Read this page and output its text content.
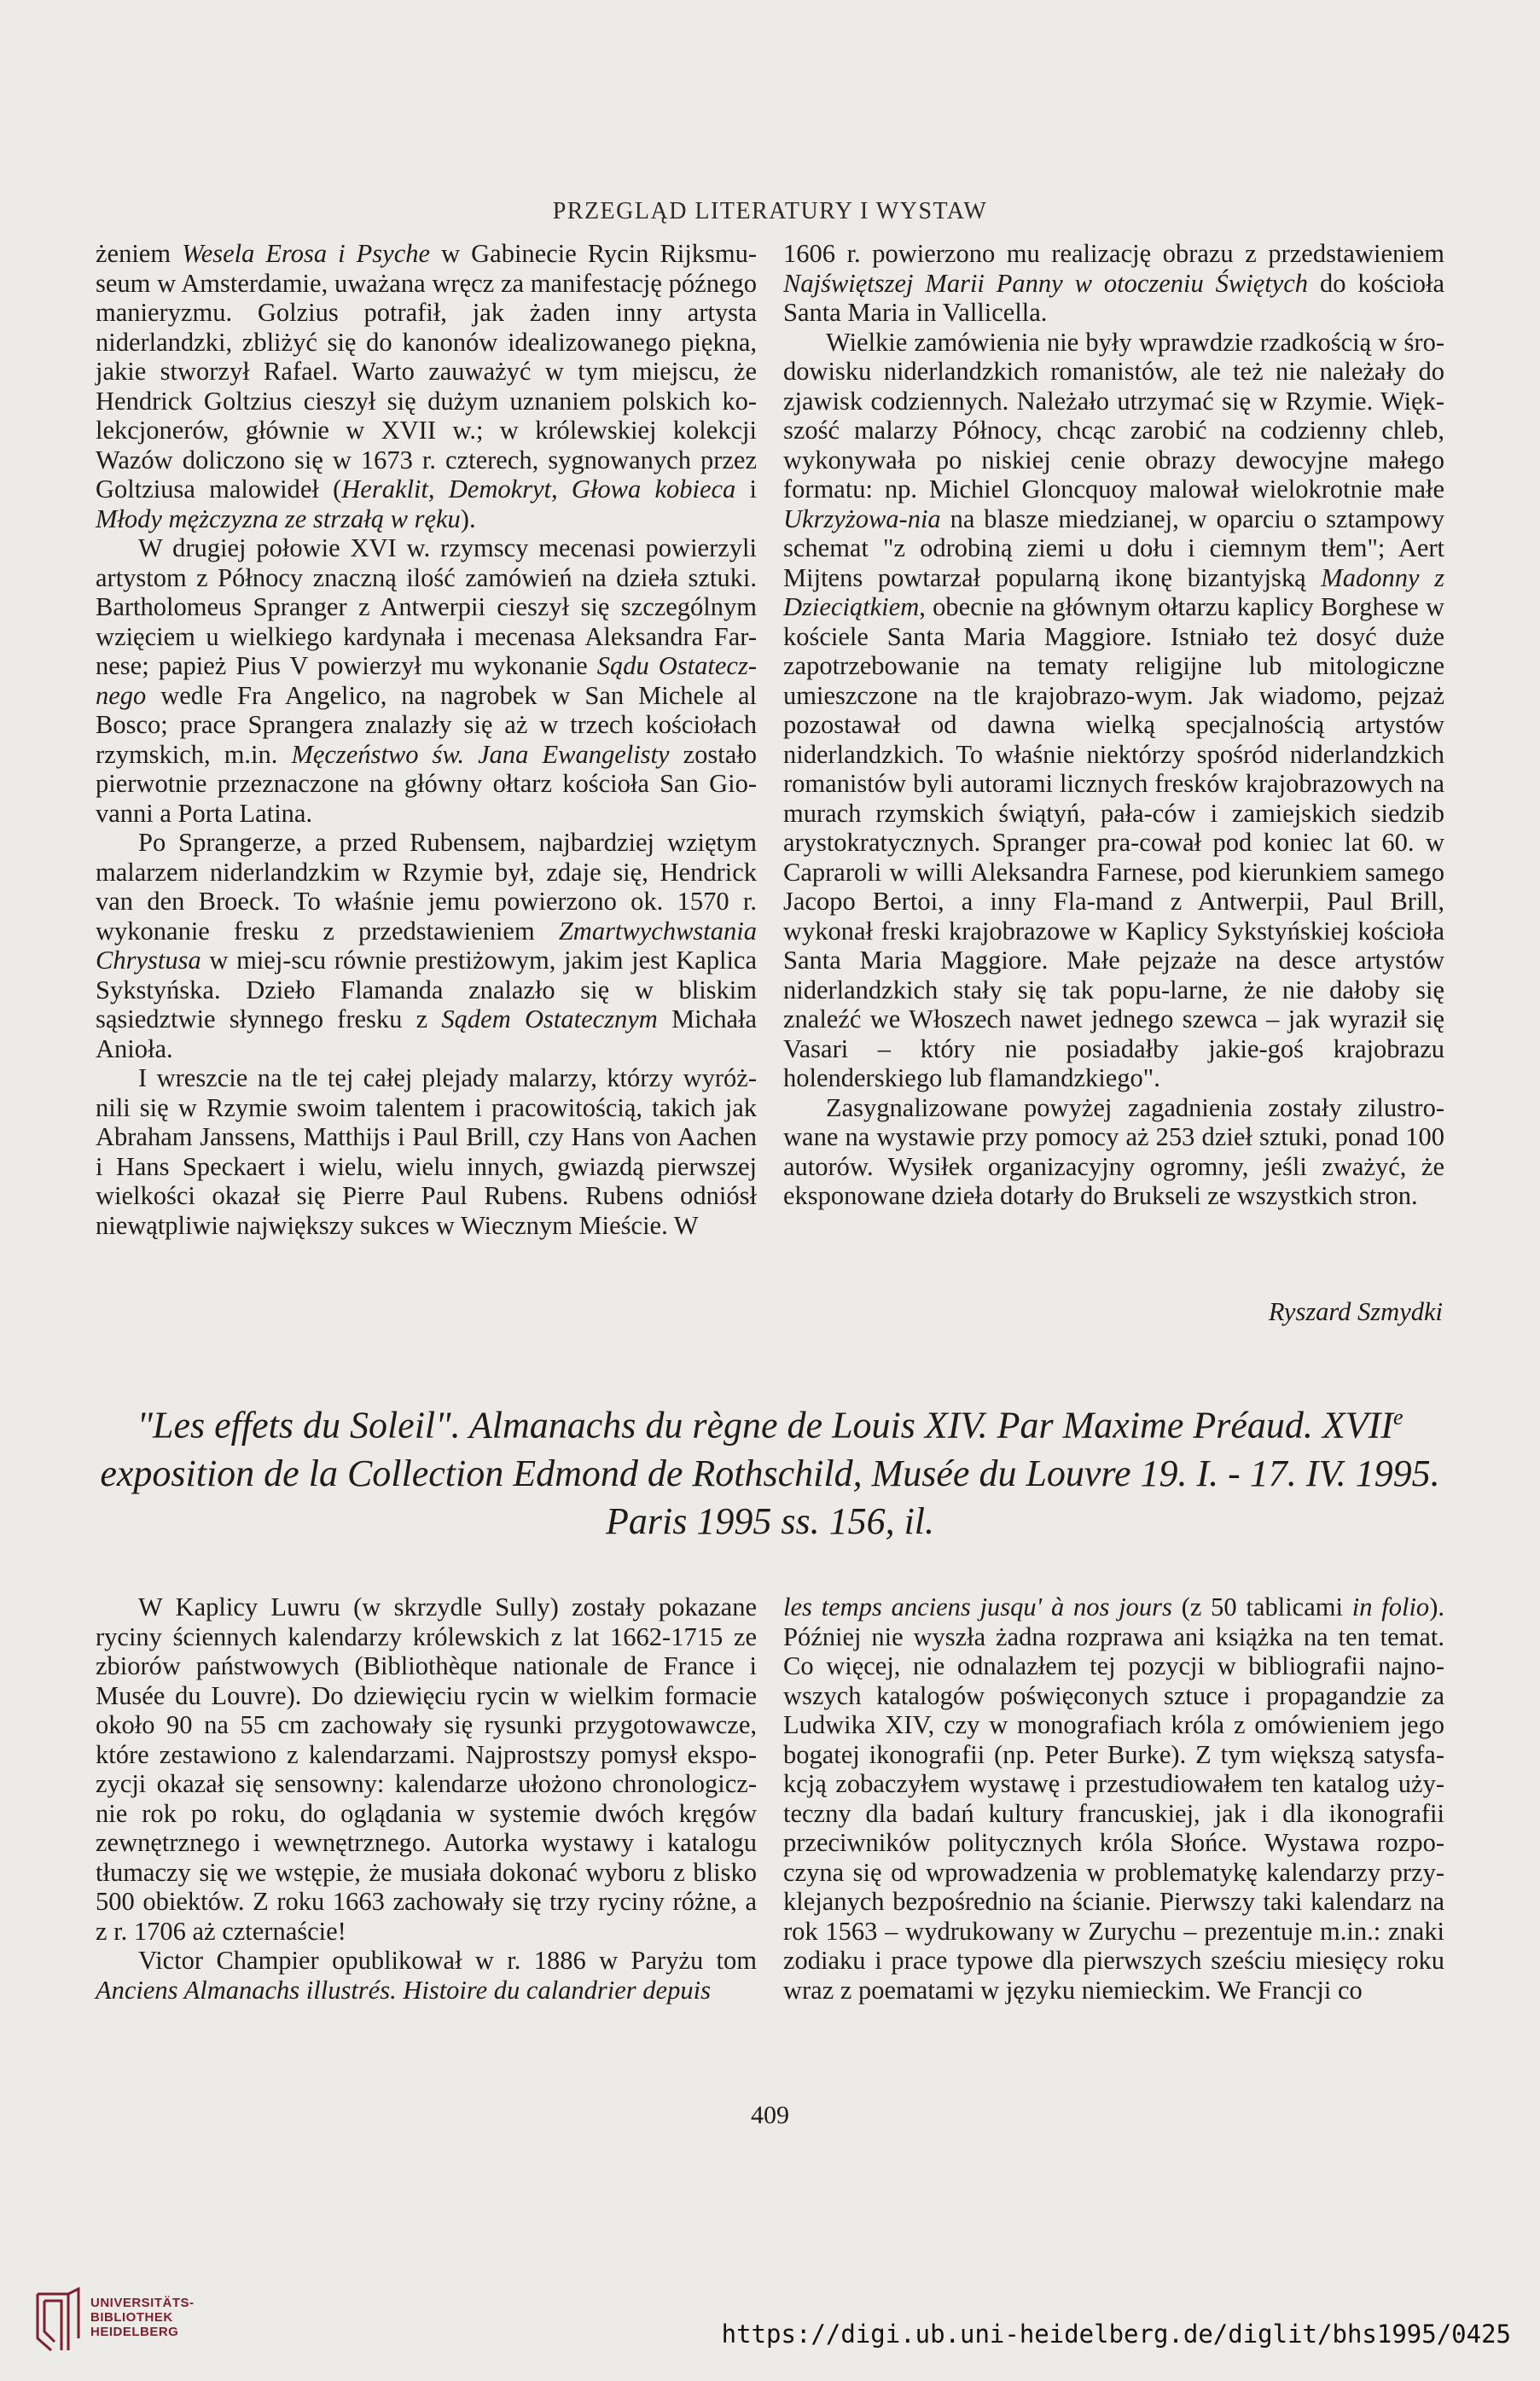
PRZEGLĄD LITERATURY I WYSTAW

żeniem Wesela Erosa i Psyche w Gabinecie Rycin Rijksmu-seum w Amsterdamie, uważana wręcz za manifestację późnego manieryzmu. Golzius potrafił, jak żaden inny artysta niderlandzki, zbliżyć się do kanonów idealizowanego piękna, jakie stworzył Rafael. Warto zauważyć w tym miejscu, że Hendrick Goltzius cieszył się dużym uznaniem polskich ko-lekcjonerów, głównie w XVII w.; w królewskiej kolekcji Wazów doliczono się w 1673 r. czterech, sygnowanych przez Goltziusa malowideł (Heraklit, Demokryt, Głowa kobieca i Młody mężczyzna ze strzałą w ręku).

W drugiej połowie XVI w. rzymscy mecenasi powierzyli artystom z Północy znaczną ilość zamówień na dzieła sztuki. Bartholomeus Spranger z Antwerpii cieszył się szczególnym wzięciem u wielkiego kardynała i mecenasa Aleksandra Far-nese; papież Pius V powierzył mu wykonanie Sądu Ostatecz-nego wedle Fra Angelico, na nagrobek w San Michele al Bosco; prace Sprangera znalazły się aż w trzech kościołach rzymskich, m.in. Męczeństwo św. Jana Ewangelisty zostało pierwotnie przeznaczone na główny ołtarz kościoła San Gio-vanni a Porta Latina.

Po Sprangerze, a przed Rubensem, najbardziej wziętym malarzem niderlandzkim w Rzymie był, zdaje się, Hendrick van den Broeck. To właśnie jemu powierzono ok. 1570 r. wykonanie fresku z przedstawieniem Zmartwychwstania Chrystusa w miej-scu równie prestiżowym, jakim jest Kaplica Sykstyńska. Dzieło Flamanda znalazło się w bliskim sąsiedztwie słynnego fresku z Sądem Ostatecznym Michała Anioła.

I wreszcie na tle tej całej plejady malarzy, którzy wyróż-nili się w Rzymie swoim talentem i pracowitością, takich jak Abraham Janssens, Matthijs i Paul Brill, czy Hans von Aachen i Hans Speckaert i wielu, wielu innych, gwiazdą pierwszej wielkości okazał się Pierre Paul Rubens. Rubens odniósł niewątpliwie największy sukces w Wiecznym Mieście. W

1606 r. powierzono mu realizację obrazu z przedstawieniem Najświętszej Marii Panny w otoczeniu Świętych do kościoła Santa Maria in Vallicella.

Wielkie zamówienia nie były wprawdzie rzadkością w śro-dowisku niderlandzkich romanistów, ale też nie należały do zjawisk codziennych. Należało utrzymać się w Rzymie. Więk-szość malarzy Północy, chcąc zarobić na codzienny chleb, wykonywała po niskiej cenie obrazy dewocyjne małego formatu: np. Michiel Gloncquoy malował wielokrotnie małe Ukrzyżowa-nia na blasze miedzianej, w oparciu o sztampowy schemat "z odrobiną ziemi u dołu i ciemnym tłem"; Aert Mijtens powtarzał popularną ikonę bizantyjską Madonny z Dzieciątkiem, obecnie na głównym ołtarzu kaplicy Borghese w kościele Santa Maria Maggiore. Istniało też dosyć duże zapotrzebowanie na tematy religijne lub mitologiczne umieszczone na tle krajobrazo-wym. Jak wiadomo, pejzaż pozostawał od dawna wielką specjalnością artystów niderlandzkich. To właśnie niektórzy spośród niderlandzkich romanistów byli autorami licznych fresków krajobrazowych na murach rzymskich świątyń, pała-ców i zamiejskich siedzib arystokratycznych. Spranger pra-cował pod koniec lat 60. w Capraroli w willi Aleksandra Farnese, pod kierunkiem samego Jacopo Bertoi, a inny Fla-mand z Antwerpii, Paul Brill, wykonał freski krajobrazowe w Kaplicy Sykstyńskiej kościoła Santa Maria Maggiore. Małe pejzaże na desce artystów niderlandzkich stały się tak popu-larne, że nie dałoby się znaleźć we Włoszech nawet jednego szewca – jak wyraził się Vasari – który nie posiadałby jakie-goś krajobrazu holenderskiego lub flamandzkiego".

Zasygnalizowane powyżej zagadnienia zostały zilustro-wane na wystawie przy pomocy aż 253 dzieł sztuki, ponad 100 autorów. Wysiłek organizacyjny ogromny, jeśli zważyć, że eksponowane dzieła dotarły do Brukseli ze wszystkich stron.

Ryszard Szmydki
"Les effets du Soleil". Almanachs du règne de Louis XIV. Par Maxime Préaud. XVIIe
exposition de la Collection Edmond de Rothschild, Musée du Louvre 19. I. - 17. IV. 1995.
Paris 1995 ss. 156, il.

W Kaplicy Luwru (w skrzydle Sully) zostały pokazane ryciny ściennych kalendarzy królewskich z lat 1662-1715 ze zbiorów państwowych (Bibliothèque nationale de France i Musée du Louvre). Do dziewięciu rycin w wielkim formacie około 90 na 55 cm zachowały się rysunki przygotowawcze, które zestawiono z kalendarzami. Najprostszy pomysł ekspo-zycji okazał się sensowny: kalendarze ułożono chronologicz-nie rok po roku, do oglądania w systemie dwóch kręgów zewnętrznego i wewnętrznego. Autorka wystawy i katalogu tłumaczy się we wstępie, że musiała dokonać wyboru z blisko 500 obiektów. Z roku 1663 zachowały się trzy ryciny różne, a z r. 1706 aż czternaście!

Victor Champier opublikował w r. 1886 w Paryżu tom Anciens Almanachs illustrés. Histoire du calandrier depuis

les temps anciens jusqu' à nos jours (z 50 tablicami in folio). Później nie wyszła żadna rozprawa ani książka na ten temat. Co więcej, nie odnalazłem tej pozycji w bibliografii najno-wszych katalogów poświęconych sztuce i propagandzie za Ludwika XIV, czy w monografiach króla z omówieniem jego bogatej ikonografii (np. Peter Burke). Z tym większą satysfa-kcją zobaczyłem wystawę i przestudiowałem ten katalog uży-teczny dla badań kultury francuskiej, jak i dla ikonografii przeciwników politycznych króla Słońce. Wystawa rozpo-czyna się od wprowadzenia w problematykę kalendarzy przy-klejanych bezpośrednio na ścianie. Pierwszy taki kalendarz na rok 1563 – wydrukowany w Zurychu – prezentuje m.in.: znaki zodiaku i prace typowe dla pierwszych sześciu miesięcy roku wraz z poematami w języku niemieckim. We Francji co

409
UNIVERSITÄTS-
BIBLIOTHEK
HEIDELBERG	https://digi.ub.uni-heidelberg.de/diglit/bhs1995/0425
